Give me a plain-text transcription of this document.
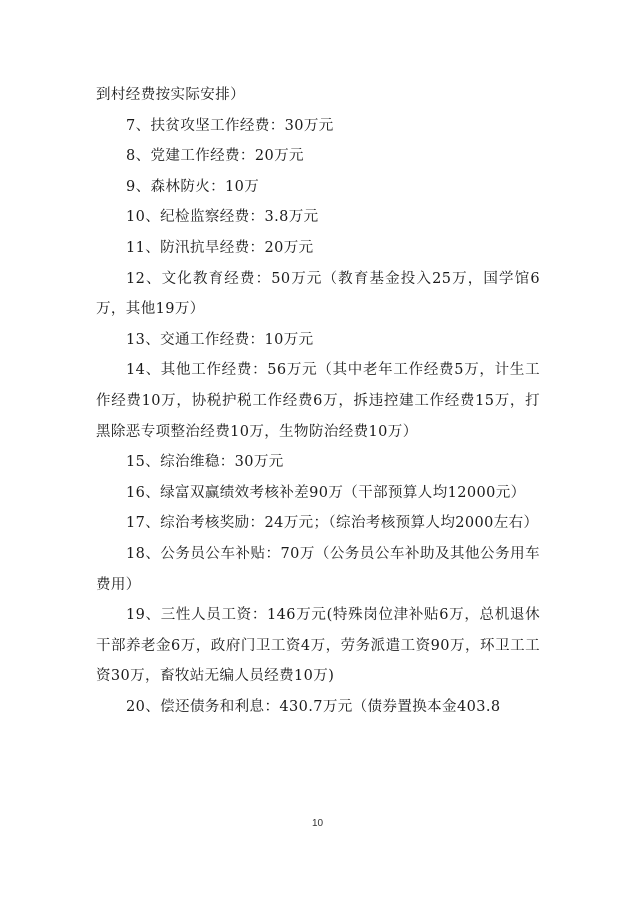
到村经费按实际安排）

7、扶贫攻坚工作经费：30万元

8、党建工作经费：20万元

9、森林防火：10万

10、纪检监察经费：3.8万元

11、防汛抗旱经费：20万元

12、文化教育经费：50万元（教育基金投入25万，国学馆6万，其他19万）

13、交通工作经费：10万元

14、其他工作经费：56万元（其中老年工作经费5万，计生工作经费10万，协税护税工作经费6万，拆违控建工作经费15万，打黑除恶专项整治经费10万，生物防治经费10万）

15、综治维稳：30万元

16、绿富双赢绩效考核补差90万（干部预算人均12000元）

17、综治考核奖励：24万元；（综治考核预算人均2000左右）

18、公务员公车补贴：70万（公务员公车补助及其他公务用车费用）

19、三性人员工资：146万元(特殊岗位津补贴6万，总机退休干部养老金6万，政府门卫工资4万，劳务派遣工资90万，环卫工工资30万，畜牧站无编人员经费10万)

20、偿还债务和利息：430.7万元（债券置换本金403.8

10
